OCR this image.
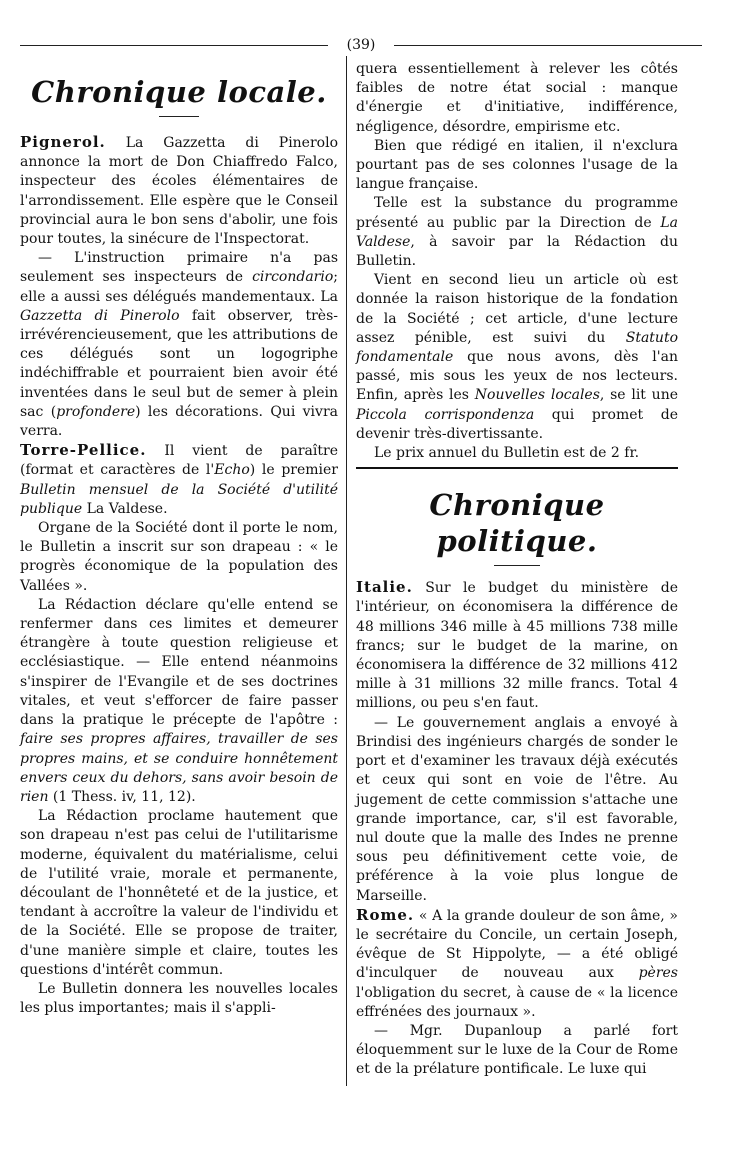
(39)
Chronique locale.

Pignerol. La Gazzetta di Pinerolo annonce la mort de Don Chiaffredo Falco, inspecteur des écoles élémentaires de l'arrondissement. Elle espère que le Conseil provincial aura le bon sens d'abolir, une fois pour toutes, la sinécure de l'Inspectorat.

— L'instruction primaire n'a pas seulement ses inspecteurs de circondario; elle a aussi ses délégués mandementaux. La Gazzetta di Pinerolo fait observer, très-irrévérencieusement, que les attributions de ces délégués sont un logogriphe indéchiffrable et pourraient bien avoir été inventées dans le seul but de semer à plein sac (profondere) les décorations. Qui vivra verra.

Torre-Pellice. Il vient de paraître (format et caractères de l'Echo) le premier Bulletin mensuel de la Société d'utilité publique La Valdese.

Organe de la Société dont il porte le nom, le Bulletin a inscrit sur son drapeau : « le progrès économique de la population des Vallées ».

La Rédaction déclare qu'elle entend se renfermer dans ces limites et demeurer étrangère à toute question religieuse et ecclésiastique. — Elle entend néanmoins s'inspirer de l'Evangile et de ses doctrines vitales, et veut s'efforcer de faire passer dans la pratique le précepte de l'apôtre : faire ses propres affaires, travailler de ses propres mains, et se conduire honnêtement envers ceux du dehors, sans avoir besoin de rien (1 Thess. iv, 11, 12).

La Rédaction proclame hautement que son drapeau n'est pas celui de l'utilitarisme moderne, équivalent du matérialisme, celui de l'utilité vraie, morale et permanente, découlant de l'honnêteté et de la justice, et tendant à accroître la valeur de l'individu et de la Société. Elle se propose de traiter, d'une manière simple et claire, toutes les questions d'intérêt commun.

Le Bulletin donnera les nouvelles locales les plus importantes; mais il s'appli-

quera essentiellement à relever les côtés faibles de notre état social : manque d'énergie et d'initiative, indifférence, négligence, désordre, empirisme etc.

Bien que rédigé en italien, il n'exclura pourtant pas de ses colonnes l'usage de la langue française.

Telle est la substance du programme présenté au public par la Direction de La Valdese, à savoir par la Rédaction du Bulletin.

Vient en second lieu un article où est donnée la raison historique de la fondation de la Société ; cet article, d'une lecture assez pénible, est suivi du Statuto fondamentale que nous avons, dès l'an passé, mis sous les yeux de nos lecteurs. Enfin, après les Nouvelles locales, se lit une Piccola corrispondenza qui promet de devenir très-divertissante.

Le prix annuel du Bulletin est de 2 fr.

Chronique politique.

Italie. Sur le budget du ministère de l'intérieur, on économisera la différence de 48 millions 346 mille à 45 millions 738 mille francs; sur le budget de la marine, on économisera la différence de 32 millions 412 mille à 31 millions 32 mille francs. Total 4 millions, ou peu s'en faut.

— Le gouvernement anglais a envoyé à Brindisi des ingénieurs chargés de sonder le port et d'examiner les travaux déjà exécutés et ceux qui sont en voie de l'être. Au jugement de cette commission s'attache une grande importance, car, s'il est favorable, nul doute que la malle des Indes ne prenne sous peu définitivement cette voie, de préférence à la voie plus longue de Marseille.

Rome. « A la grande douleur de son âme, » le secrétaire du Concile, un certain Joseph, évêque de St Hippolyte, — a été obligé d'inculquer de nouveau aux pères l'obligation du secret, à cause de « la licence effrénées des journaux ».

— Mgr. Dupanloup a parlé fort éloquemment sur le luxe de la Cour de Rome et de la prélature pontificale. Le luxe qui
